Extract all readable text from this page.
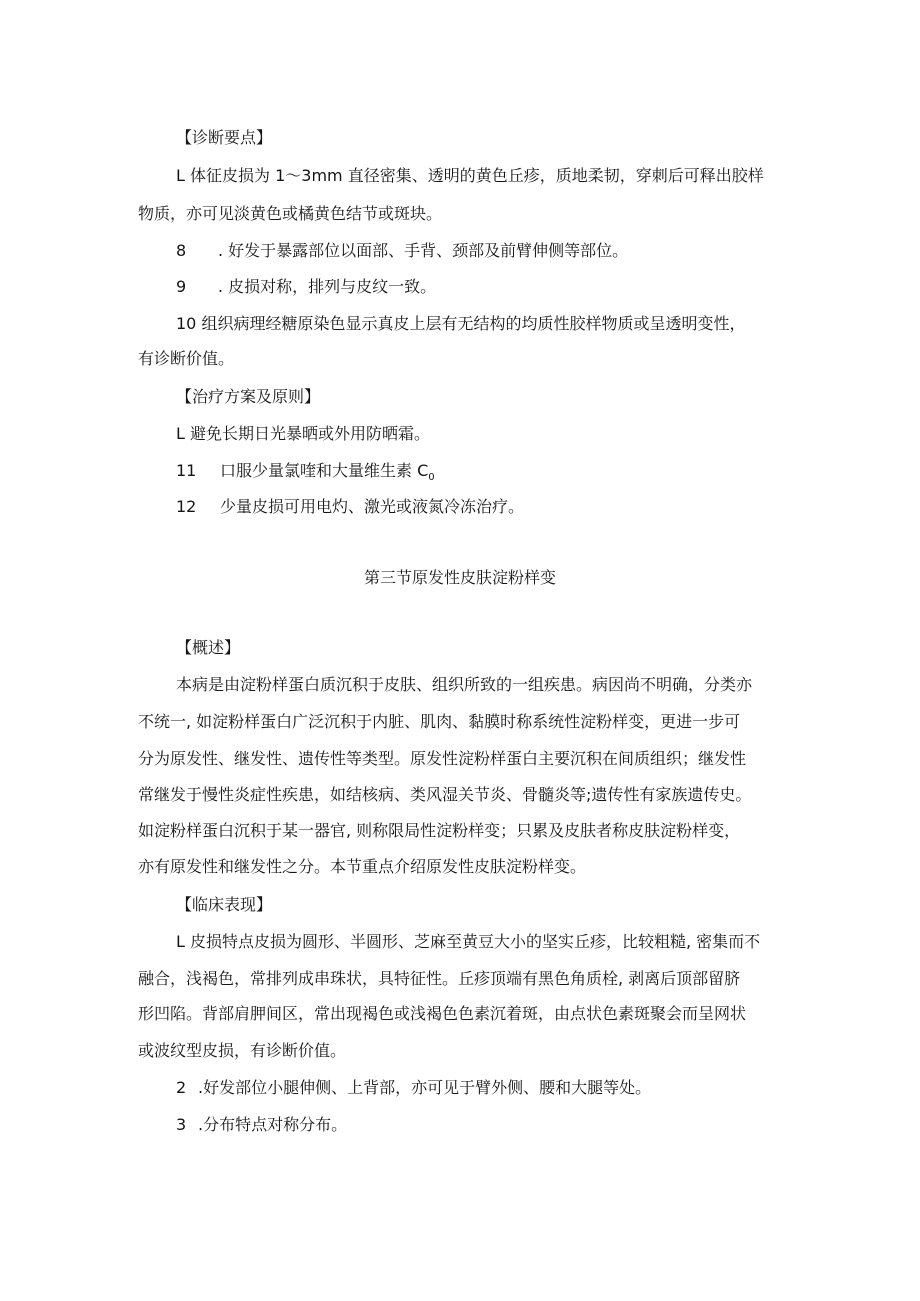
【诊断要点】
L 体征皮损为 1～3mm 直径密集、透明的黄色丘疹，质地柔韧，穿刺后可释出胶样
物质，亦可见淡黄色或橘黄色结节或斑块。
8 . 好发于暴露部位以面部、手背、颈部及前臂伸侧等部位。
9 . 皮损对称，排列与皮纹一致。
10 组织病理经糖原染色显示真皮上层有无结构的均质性胶样物质或呈透明变性，
有诊断价值。
【治疗方案及原则】
L 避免长期日光暴晒或外用防晒霜。
11 口服少量氯喹和大量维生素 $C_0$
12 少量皮损可用电灼、激光或液氮冷冻治疗。
第三节原发性皮肤淀粉样变
【概述】
本病是由淀粉样蛋白质沉积于皮肤、组织所致的一组疾患。病因尚不明确，分类亦
不统一, 如淀粉样蛋白广泛沉积于内脏、肌肉、黏膜时称系统性淀粉样变，更进一步可
分为原发性、继发性、遗传性等类型。原发性淀粉样蛋白主要沉积在间质组织；继发性
常继发于慢性炎症性疾患，如结核病、类风湿关节炎、骨髓炎等;遗传性有家族遗传史。
如淀粉样蛋白沉积于某一器官, 则称限局性淀粉样变；只累及皮肤者称皮肤淀粉样变，
亦有原发性和继发性之分。本节重点介绍原发性皮肤淀粉样变。
【临床表现】
L 皮损特点皮损为圆形、半圆形、芝麻至黄豆大小的坚实丘疹，比较粗糙, 密集而不
融合，浅褐色，常排列成串珠状，具特征性。丘疹顶端有黑色角质栓, 剥离后顶部留脐
形凹陷。背部肩胛间区，常出现褐色或浅褐色色素沉着斑，由点状色素斑聚会而呈网状
或波纹型皮损，有诊断价值。
2 .好发部位小腿伸侧、上背部，亦可见于臂外侧、腰和大腿等处。
3 .分布特点对称分布。
